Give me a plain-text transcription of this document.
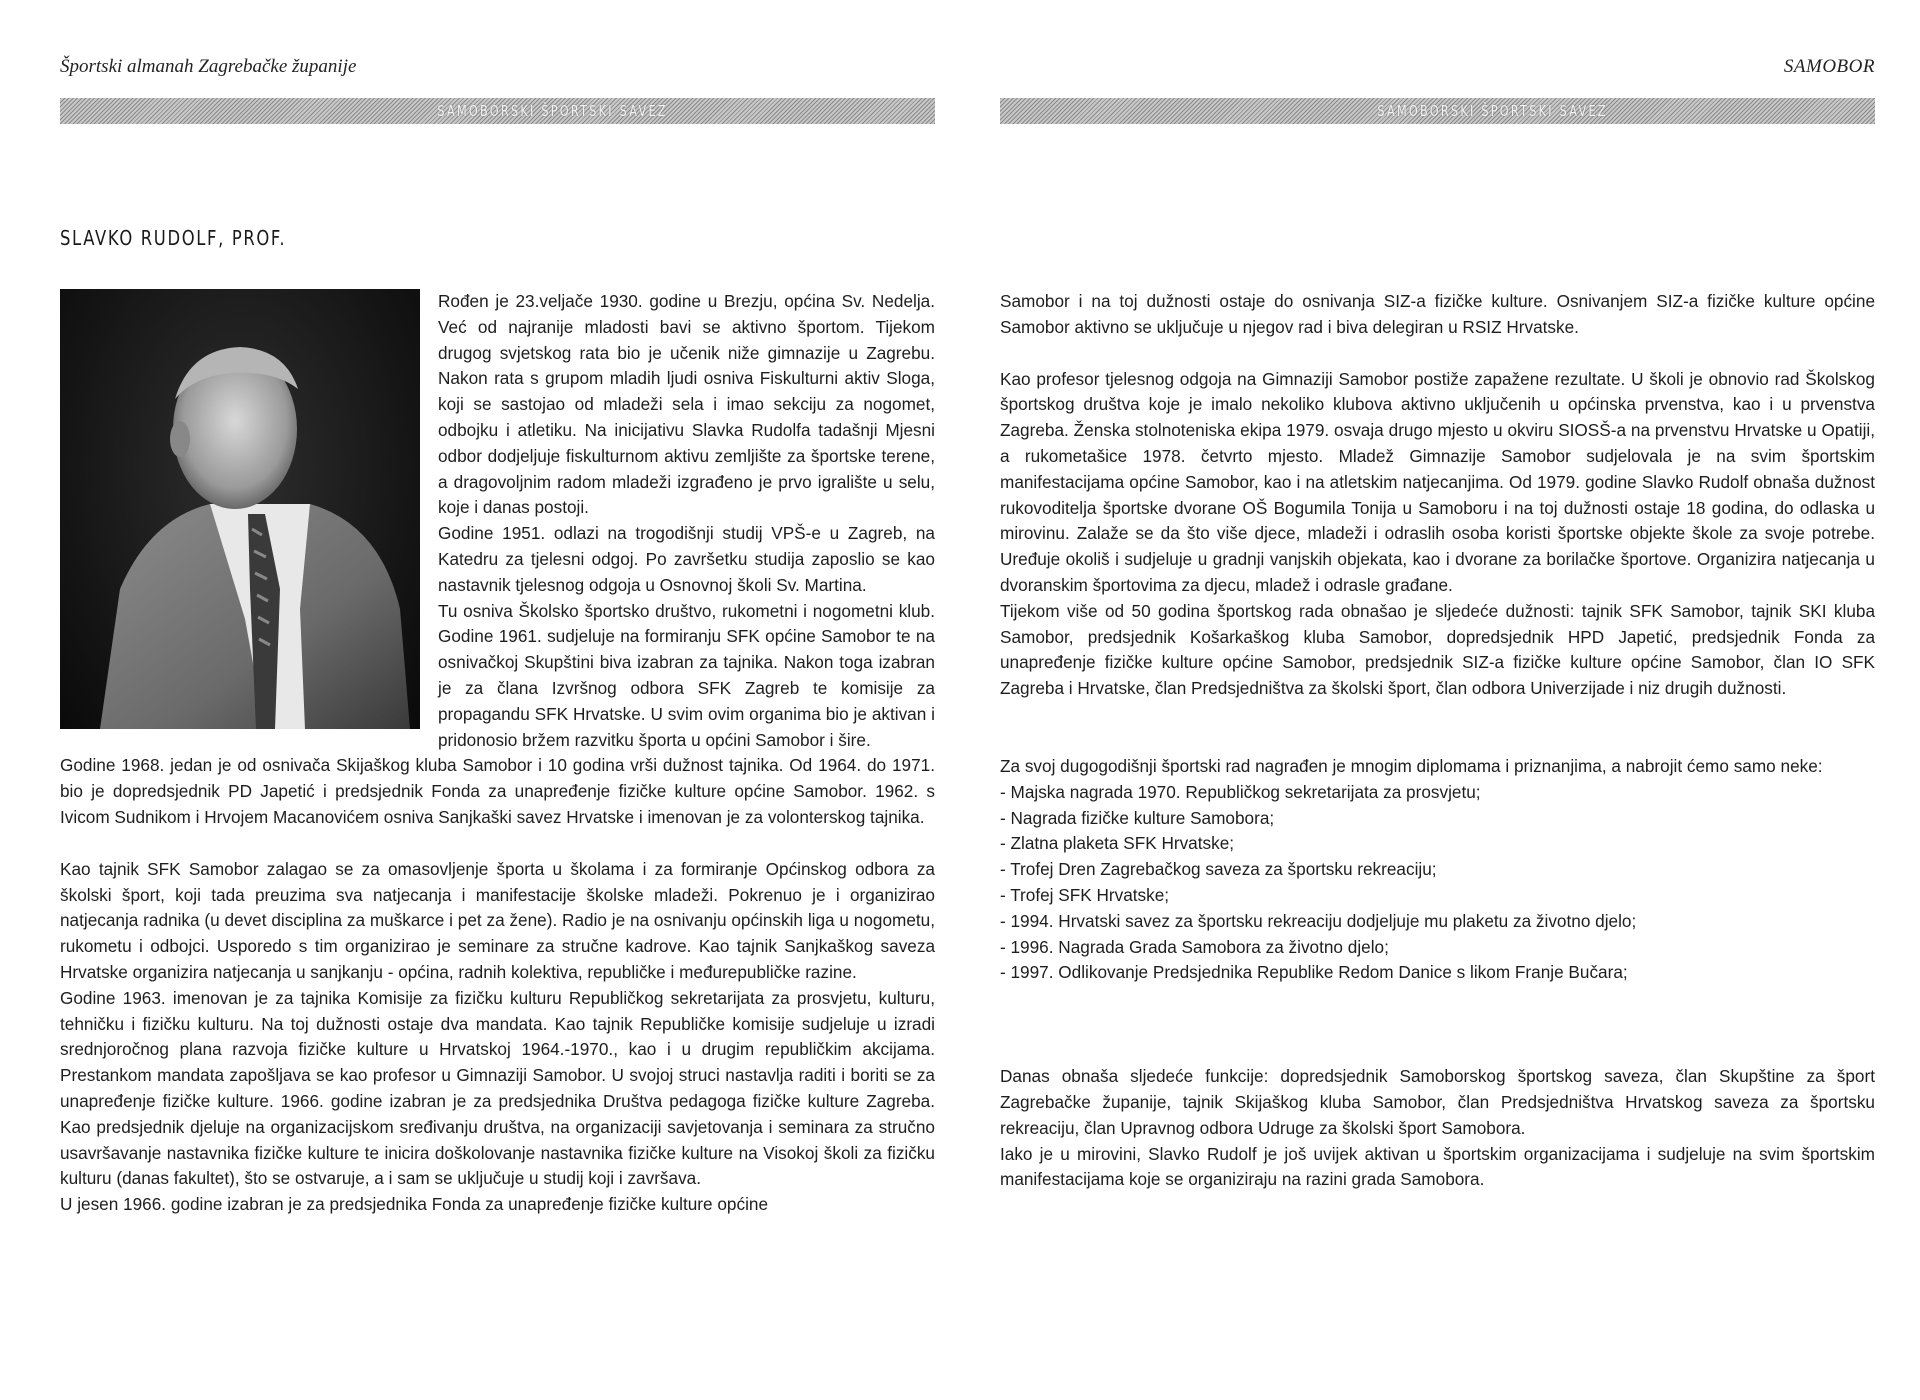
Športski almanah Zagrebačke županije
SAMOBORSKI ŠPORTSKI SAVEZ
SLAVKO RUDOLF, PROF.

Rođen je 23.veljače 1930. godine u Brezju, općina Sv. Nedelja. Već od najranije mladosti bavi se aktivno športom. Tijekom drugog svjetskog rata bio je učenik niže gimnazije u Zagrebu. Nakon rata s grupom mladih ljudi osniva Fiskulturni aktiv Sloga, koji se sastojao od mladeži sela i imao sekciju za nogomet, odbojku i atletiku. Na inicijativu Slavka Rudolfa tadašnji Mjesni odbor dodjeljuje fiskulturnom aktivu zemljište za športske terene, a dragovoljnim radom mladeži izgrađeno je prvo igralište u selu, koje i danas postoji.

Godine 1951. odlazi na trogodišnji studij VPŠ-e u Zagreb, na Katedru za tjelesni odgoj. Po završetku studija zaposlio se kao nastavnik tjelesnog odgoja u Osnovnoj školi Sv. Martina.

Tu osniva Školsko športsko društvo, rukometni i nogometni klub. Godine 1961. sudjeluje na formiranju SFK općine Samobor te na osnivačkoj Skupštini biva izabran za tajnika. Nakon toga izabran je za člana Izvršnog odbora SFK Zagreb te komisije za propagandu SFK Hrvatske. U svim ovim organima bio je aktivan i pridonosio bržem razvitku športa u općini Samobor i šire.

Godine 1968. jedan je od osnivača Skijaškog kluba Samobor i 10 godina vrši dužnost tajnika. Od 1964. do 1971. bio je dopredsjednik PD Japetić i predsjednik Fonda za unapređenje fizičke kulture općine Samobor. 1962. s Ivicom Sudnikom i Hrvojem Macanovićem osniva Sanjkaški savez Hrvatske i imenovan je za volonterskog tajnika.

Kao tajnik SFK Samobor zalagao se za omasovljenje športa u školama i za formiranje Općinskog odbora za školski šport, koji tada preuzima sva natjecanja i manifestacije školske mladeži. Pokrenuo je i organizirao natjecanja radnika (u devet disciplina za muškarce i pet za žene). Radio je na osnivanju općinskih liga u nogometu, rukometu i odbojci. Usporedo s tim organizirao je seminare za stručne kadrove. Kao tajnik Sanjkaškog saveza Hrvatske organizira natjecanja u sanjkanju - općina, radnih kolektiva, republičke i međurepubličke razine.

Godine 1963. imenovan je za tajnika Komisije za fizičku kulturu Republičkog sekretarijata za prosvjetu, kulturu, tehničku i fizičku kulturu. Na toj dužnosti ostaje dva mandata. Kao tajnik Republičke komisije sudjeluje u izradi srednjoročnog plana razvoja fizičke kulture u Hrvatskoj 1964.-1970., kao i u drugim republičkim akcijama. Prestankom mandata zapošljava se kao profesor u Gimnaziji Samobor. U svojoj struci nastavlja raditi i boriti se za unapređenje fizičke kulture. 1966. godine izabran je za predsjednika Društva pedagoga fizičke kulture Zagreba. Kao predsjednik djeluje na organizacijskom sređivanju društva, na organizaciji savjetovanja i seminara za stručno usavršavanje nastavnika fizičke kulture te inicira doškolovanje nastavnika fizičke kulture na Visokoj školi za fizičku kulturu (danas fakultet), što se ostvaruje, a i sam se uključuje u studij koji i završava.

U jesen 1966. godine izabran je za predsjednika Fonda za unapređenje fizičke kulture općine

SAMOBOR
SAMOBORSKI ŠPORTSKI SAVEZ

Samobor i na toj dužnosti ostaje do osnivanja SIZ-a fizičke kulture. Osnivanjem SIZ-a fizičke kulture općine Samobor aktivno se uključuje u njegov rad i biva delegiran u RSIZ Hrvatske.

Kao profesor tjelesnog odgoja na Gimnaziji Samobor postiže zapažene rezultate. U školi je obnovio rad Školskog športskog društva koje je imalo nekoliko klubova aktivno uključenih u općinska prvenstva, kao i u prvenstva Zagreba. Ženska stolnoteniska ekipa 1979. osvaja drugo mjesto u okviru SIOSŠ-a na prvenstvu Hrvatske u Opatiji, a rukometašice 1978. četvrto mjesto. Mladež Gimnazije Samobor sudjelovala je na svim športskim manifestacijama općine Samobor, kao i na atletskim natjecanjima. Od 1979. godine Slavko Rudolf obnaša dužnost rukovoditelja športske dvorane OŠ Bogumila Tonija u Samoboru i na toj dužnosti ostaje 18 godina, do odlaska u mirovinu. Zalaže se da što više djece, mladeži i odraslih osoba koristi športske objekte škole za svoje potrebe. Uređuje okoliš i sudjeluje u gradnji vanjskih objekata, kao i dvorane za borilačke športove. Organizira natjecanja u dvoranskim športovima za djecu, mladež i odrasle građane.

Tijekom više od 50 godina športskog rada obnašao je sljedeće dužnosti: tajnik SFK Samobor, tajnik SKI kluba Samobor, predsjednik Košarkaškog kluba Samobor, dopredsjednik HPD Japetić, predsjednik Fonda za unapređenje fizičke kulture općine Samobor, predsjednik SIZ-a fizičke kulture općine Samobor, član IO SFK Zagreba i Hrvatske, član Predsjedništva za školski šport, član odbora Univerzijade i niz drugih dužnosti.

Za svoj dugogodišnji športski rad nagrađen je mnogim diplomama i priznanjima, a nabrojit ćemo samo neke:

- Majska nagrada 1970. Republičkog sekretarijata za prosvjetu;
- Nagrada fizičke kulture Samobora;
- Zlatna plaketa SFK Hrvatske;
- Trofej Dren Zagrebačkog saveza za športsku rekreaciju;
- Trofej SFK Hrvatske;
- 1994. Hrvatski savez za športsku rekreaciju dodjeljuje mu plaketu za životno djelo;
- 1996. Nagrada Grada Samobora za životno djelo;
- 1997. Odlikovanje Predsjednika Republike Redom Danice s likom Franje Bučara;

Danas obnaša sljedeće funkcije: dopredsjednik Samoborskog športskog saveza, član Skupštine za šport Zagrebačke županije, tajnik Skijaškog kluba Samobor, član Predsjedništva Hrvatskog saveza za športsku rekreaciju, član Upravnog odbora Udruge za školski šport Samobora.

Iako je u mirovini, Slavko Rudolf je još uvijek aktivan u športskim organizacijama i sudjeluje na svim športskim manifestacijama koje se organiziraju na razini grada Samobora.
